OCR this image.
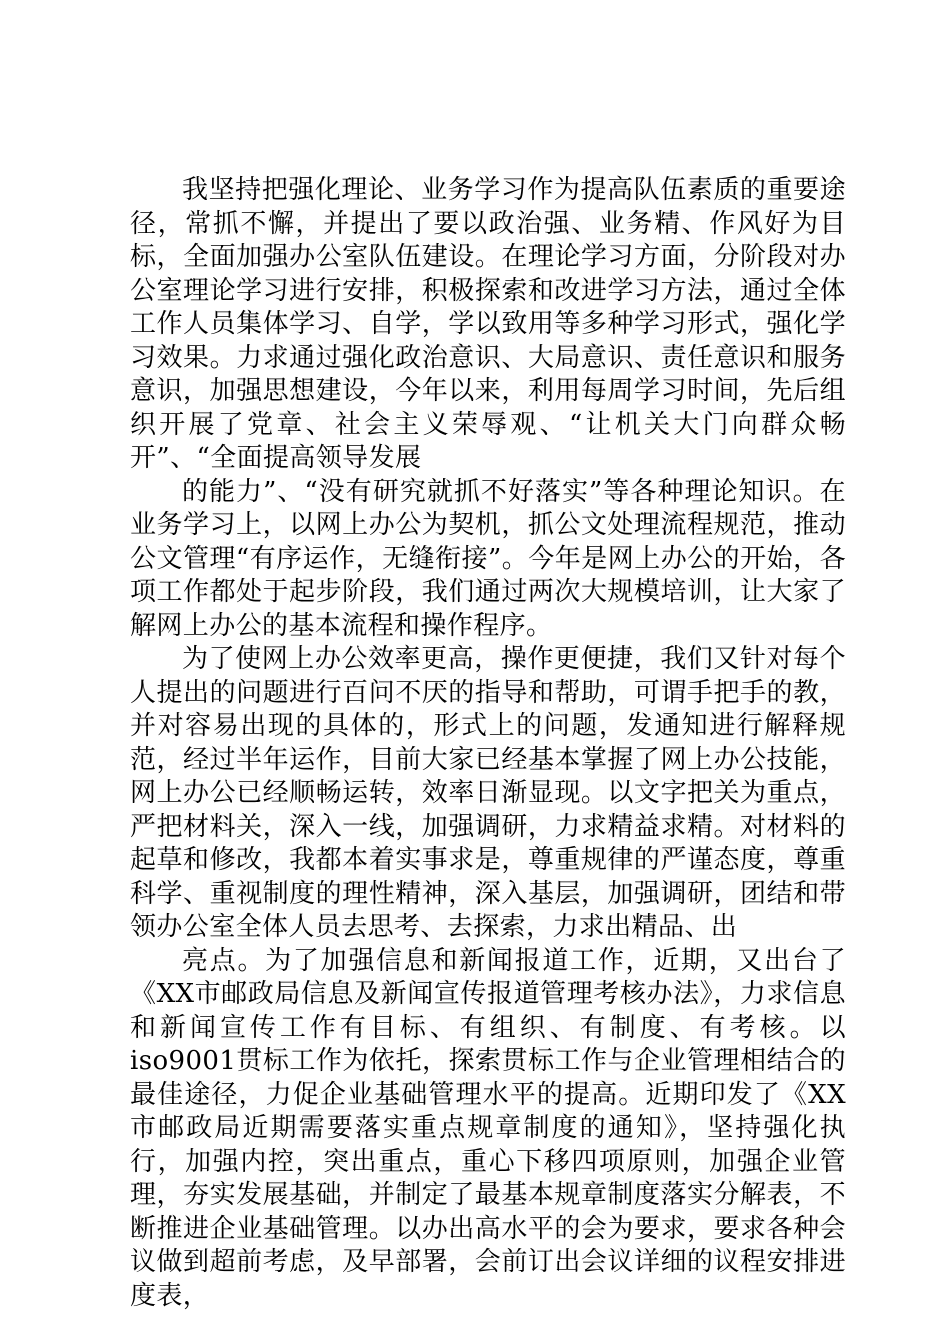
我坚持把强化理论、业务学习作为提高队伍素质的重要途径，常抓不懈，并提出了要以政治强、业务精、作风好为目标，全面加强办公室队伍建设。在理论学习方面，分阶段对办公室理论学习进行安排，积极探索和改进学习方法，通过全体工作人员集体学习、自学，学以致用等多种学习形式，强化学习效果。力求通过强化政治意识、大局意识、责任意识和服务意识，加强思想建设，今年以来，利用每周学习时间，先后组织开展了党章、社会主义荣辱观、“让机关大门向群众畅开”、“全面提高领导发展

的能力”、“没有研究就抓不好落实”等各种理论知识。在业务学习上，以网上办公为契机，抓公文处理流程规范，推动公文管理“有序运作，无缝衔接”。今年是网上办公的开始，各项工作都处于起步阶段，我们通过两次大规模培训，让大家了解网上办公的基本流程和操作程序。

为了使网上办公效率更高，操作更便捷，我们又针对每个人提出的问题进行百问不厌的指导和帮助，可谓手把手的教，并对容易出现的具体的，形式上的问题，发通知进行解释规范，经过半年运作，目前大家已经基本掌握了网上办公技能，网上办公已经顺畅运转，效率日渐显现。以文字把关为重点，严把材料关，深入一线，加强调研，力求精益求精。对材料的起草和修改，我都本着实事求是，尊重规律的严谨态度，尊重科学、重视制度的理性精神，深入基层，加强调研，团结和带领办公室全体人员去思考、去探索，力求出精品、出

亮点。为了加强信息和新闻报道工作，近期，又出台了《XX市邮政局信息及新闻宣传报道管理考核办法》，力求信息和新闻宣传工作有目标、有组织、有制度、有考核。以iso9001贯标工作为依托，探索贯标工作与企业管理相结合的最佳途径，力促企业基础管理水平的提高。近期印发了《XX市邮政局近期需要落实重点规章制度的通知》，坚持强化执行，加强内控，突出重点，重心下移四项原则，加强企业管理，夯实发展基础，并制定了最基本规章制度落实分解表，不断推进企业基础管理。以办出高水平的会为要求，要求各种会议做到超前考虑，及早部署，会前订出会议详细的议程安排进度表，
